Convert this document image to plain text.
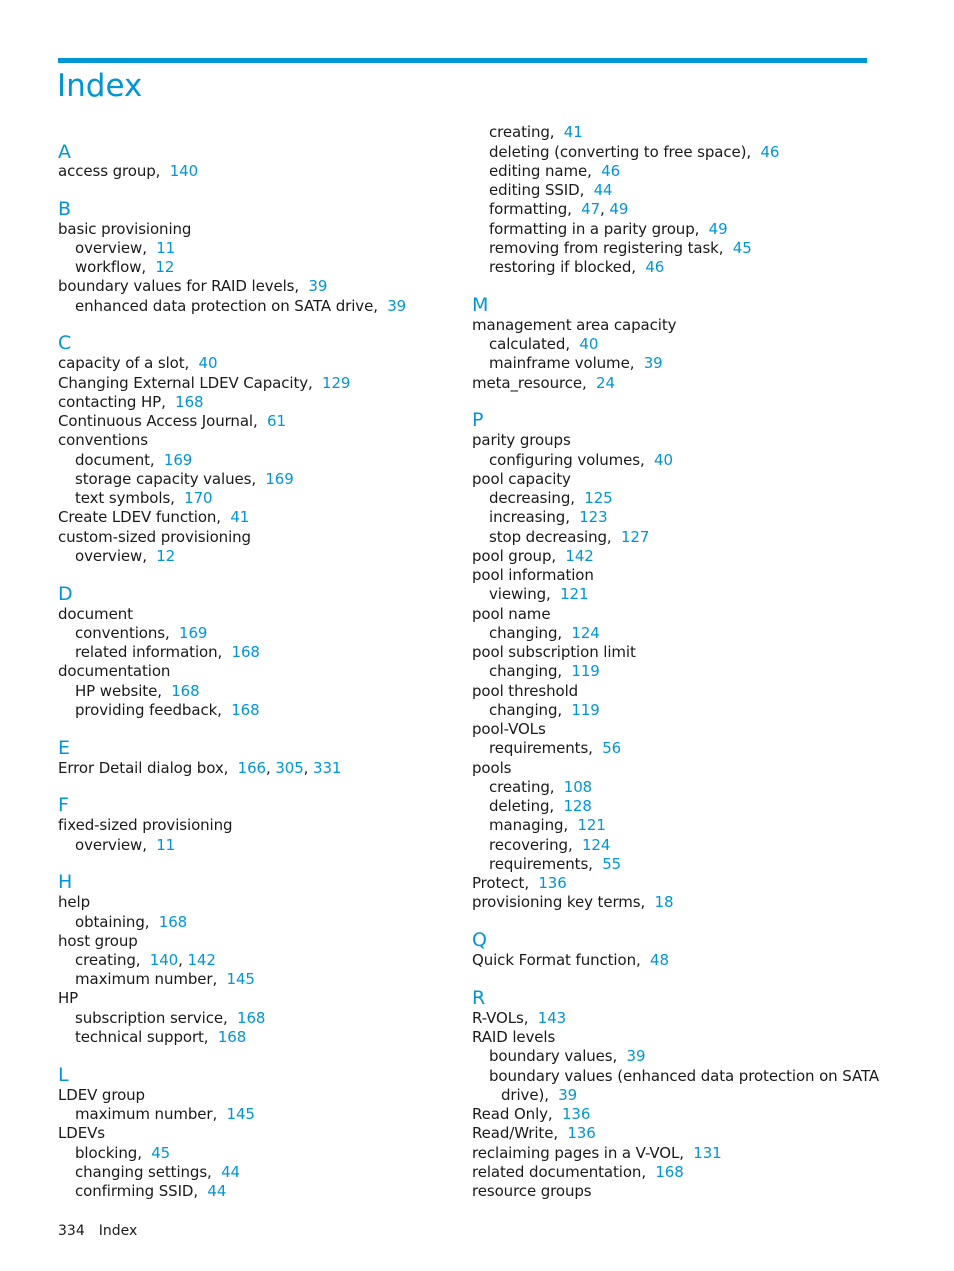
Index
A
access group, 140
B
basic provisioning
overview, 11
workflow, 12
boundary values for RAID levels, 39
enhanced data protection on SATA drive, 39
C
capacity of a slot, 40
Changing External LDEV Capacity, 129
contacting HP, 168
Continuous Access Journal, 61
conventions
document, 169
storage capacity values, 169
text symbols, 170
Create LDEV function, 41
custom-sized provisioning
overview, 12
D
document
conventions, 169
related information, 168
documentation
HP website, 168
providing feedback, 168
E
Error Detail dialog box, 166, 305, 331
F
fixed-sized provisioning
overview, 11
H
help
obtaining, 168
host group
creating, 140, 142
maximum number, 145
HP
subscription service, 168
technical support, 168
L
LDEV group
maximum number, 145
LDEVs
blocking, 45
changing settings, 44
confirming SSID, 44
creating, 41
deleting (converting to free space), 46
editing name, 46
editing SSID, 44
formatting, 47, 49
formatting in a parity group, 49
removing from registering task, 45
restoring if blocked, 46
M
management area capacity
calculated, 40
mainframe volume, 39
meta_resource, 24
P
parity groups
configuring volumes, 40
pool capacity
decreasing, 125
increasing, 123
stop decreasing, 127
pool group, 142
pool information
viewing, 121
pool name
changing, 124
pool subscription limit
changing, 119
pool threshold
changing, 119
pool-VOLs
requirements, 56
pools
creating, 108
deleting, 128
managing, 121
recovering, 124
requirements, 55
Protect, 136
provisioning key terms, 18
Q
Quick Format function, 48
R
R-VOLs, 143
RAID levels
boundary values, 39
boundary values (enhanced data protection on SATA
drive), 39
Read Only, 136
Read/Write, 136
reclaiming pages in a V-VOL, 131
related documentation, 168
resource groups
334 Index
